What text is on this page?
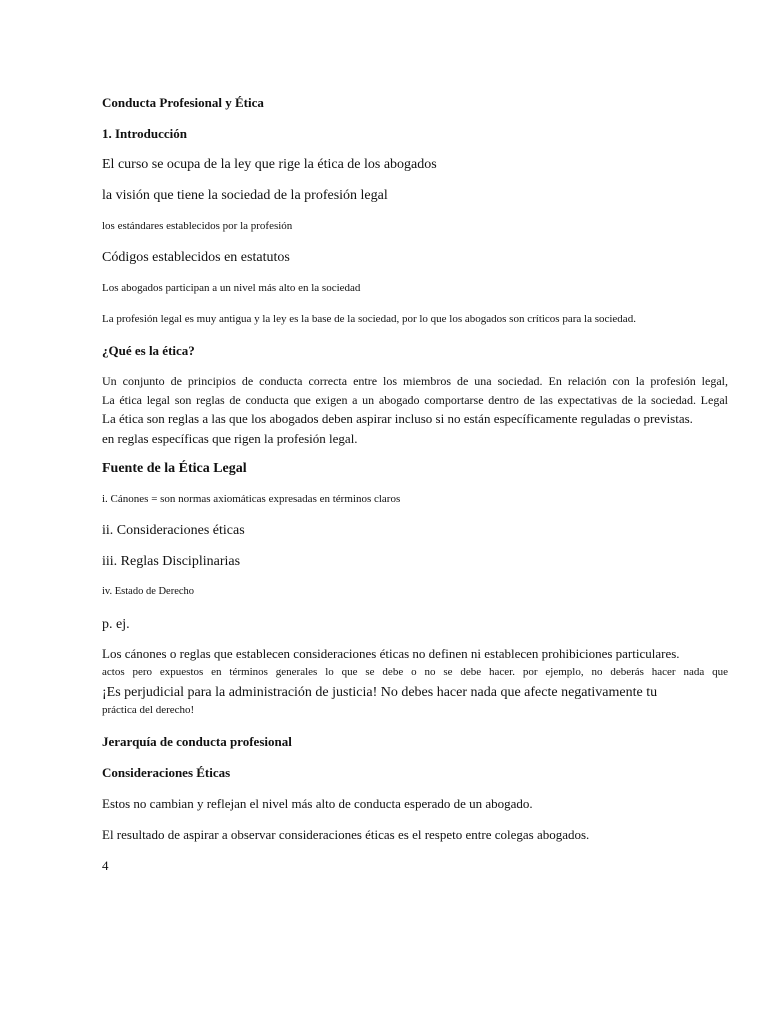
Conducta Profesional y Ética
1. Introducción
El curso se ocupa de la ley que rige la ética de los abogados
la visión que tiene la sociedad de la profesión legal
los estándares establecidos por la profesión
Códigos establecidos en estatutos
Los abogados participan a un nivel más alto en la sociedad
La profesión legal es muy antigua y la ley es la base de la sociedad, por lo que los abogados son críticos para la sociedad.
¿Qué es la ética?
Un conjunto de principios de conducta correcta entre los miembros de una sociedad. En relación con la profesión legal,
La ética legal son reglas de conducta que exigen a un abogado comportarse dentro de las expectativas de la sociedad. Legal
La ética son reglas a las que los abogados deben aspirar incluso si no están específicamente reguladas o previstas.
en reglas específicas que rigen la profesión legal.
Fuente de la Ética Legal
i. Cánones = son normas axiomáticas expresadas en términos claros
ii. Consideraciones éticas
iii. Reglas Disciplinarias
iv. Estado de Derecho
p. ej.
Los cánones o reglas que establecen consideraciones éticas no definen ni establecen prohibiciones particulares.
actos pero expuestos en términos generales lo que se debe o no se debe hacer. por ejemplo, no deberás hacer nada que
¡Es perjudicial para la administración de justicia! No debes hacer nada que afecte negativamente tu
práctica del derecho!
Jerarquía de conducta profesional
Consideraciones Éticas
Estos no cambian y reflejan el nivel más alto de conducta esperado de un abogado.
El resultado de aspirar a observar consideraciones éticas es el respeto entre colegas abogados.
4
